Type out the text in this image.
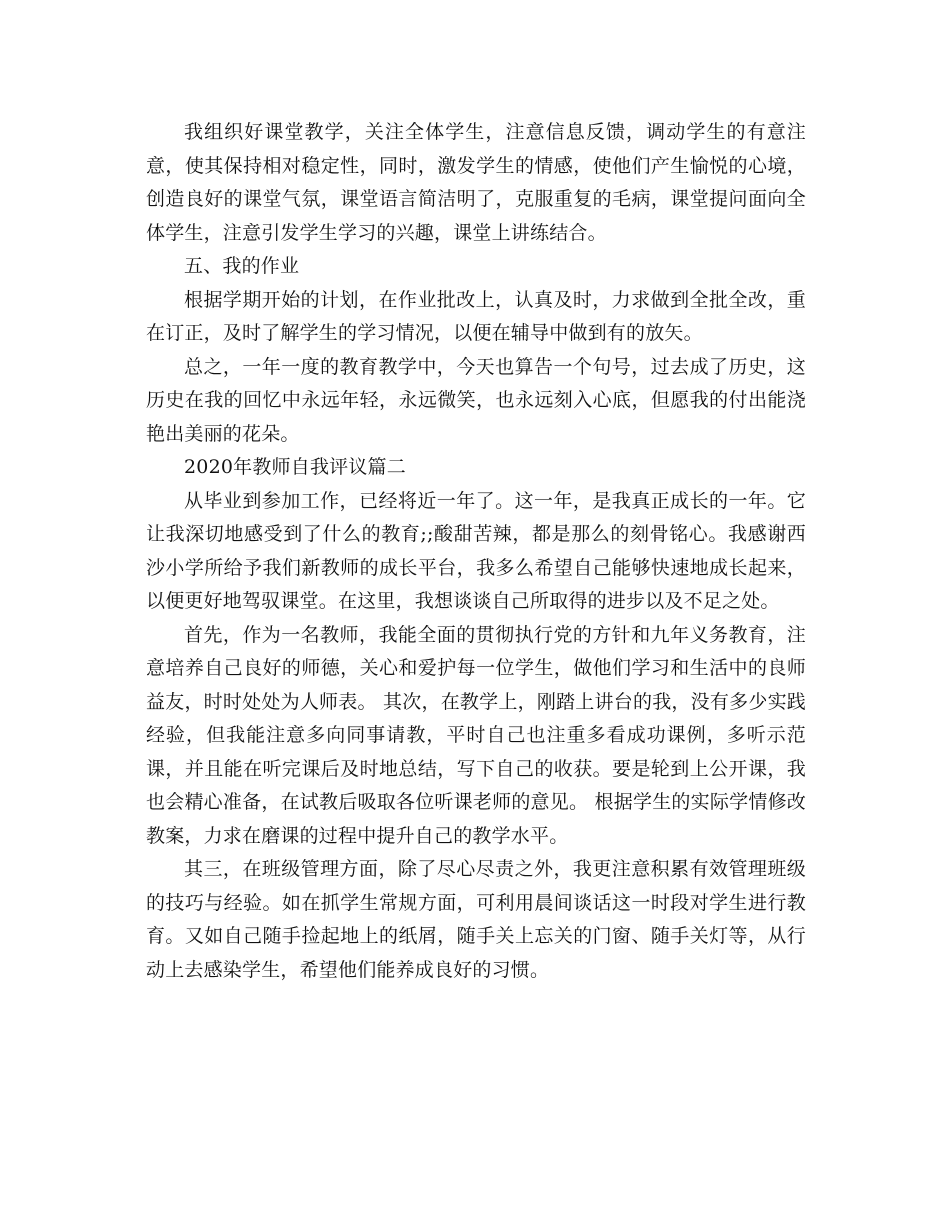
我组织好课堂教学，关注全体学生，注意信息反馈，调动学生的有意注意，使其保持相对稳定性，同时，激发学生的情感，使他们产生愉悦的心境，创造良好的课堂气氛，课堂语言简洁明了，克服重复的毛病，课堂提问面向全体学生，注意引发学生学习的兴趣，课堂上讲练结合。

五、我的作业

根据学期开始的计划，在作业批改上，认真及时，力求做到全批全改，重在订正，及时了解学生的学习情况，以便在辅导中做到有的放矢。

总之，一年一度的教育教学中，今天也算告一个句号，过去成了历史，这历史在我的回忆中永远年轻，永远微笑，也永远刻入心底，但愿我的付出能浇艳出美丽的花朵。

2020年教师自我评议篇二

从毕业到参加工作，已经将近一年了。这一年，是我真正成长的一年。它让我深切地感受到了什么的教育;;酸甜苦辣，都是那么的刻骨铭心。我感谢西沙小学所给予我们新教师的成长平台，我多么希望自己能够快速地成长起来，以便更好地驾驭课堂。在这里，我想谈谈自己所取得的进步以及不足之处。

首先，作为一名教师，我能全面的贯彻执行党的方针和九年义务教育，注意培养自己良好的师德，关心和爱护每一位学生，做他们学习和生活中的良师益友，时时处处为人师表。 其次，在教学上，刚踏上讲台的我，没有多少实践经验，但我能注意多向同事请教，平时自己也注重多看成功课例，多听示范课，并且能在听完课后及时地总结，写下自己的收获。要是轮到上公开课，我也会精心准备，在试教后吸取各位听课老师的意见。 根据学生的实际学情修改教案，力求在磨课的过程中提升自己的教学水平。

其三，在班级管理方面，除了尽心尽责之外，我更注意积累有效管理班级的技巧与经验。如在抓学生常规方面，可利用晨间谈话这一时段对学生进行教育。又如自己随手捡起地上的纸屑，随手关上忘关的门窗、随手关灯等，从行动上去感染学生，希望他们能养成良好的习惯。
